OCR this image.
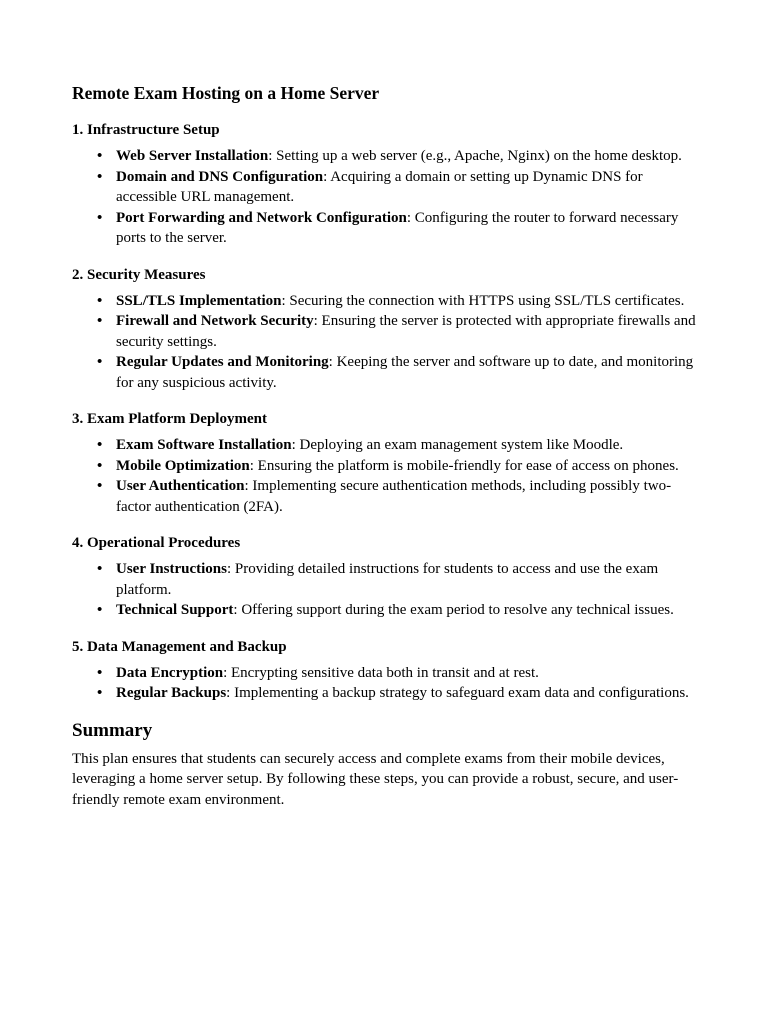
Remote Exam Hosting on a Home Server
1. Infrastructure Setup
• Web Server Installation: Setting up a web server (e.g., Apache, Nginx) on the home desktop.
• Domain and DNS Configuration: Acquiring a domain or setting up Dynamic DNS for accessible URL management.
• Port Forwarding and Network Configuration: Configuring the router to forward necessary ports to the server.
2. Security Measures
• SSL/TLS Implementation: Securing the connection with HTTPS using SSL/TLS certificates.
• Firewall and Network Security: Ensuring the server is protected with appropriate firewalls and security settings.
• Regular Updates and Monitoring: Keeping the server and software up to date, and monitoring for any suspicious activity.
3. Exam Platform Deployment
• Exam Software Installation: Deploying an exam management system like Moodle.
• Mobile Optimization: Ensuring the platform is mobile-friendly for ease of access on phones.
• User Authentication: Implementing secure authentication methods, including possibly two-factor authentication (2FA).
4. Operational Procedures
• User Instructions: Providing detailed instructions for students to access and use the exam platform.
• Technical Support: Offering support during the exam period to resolve any technical issues.
5. Data Management and Backup
• Data Encryption: Encrypting sensitive data both in transit and at rest.
• Regular Backups: Implementing a backup strategy to safeguard exam data and configurations.
Summary

This plan ensures that students can securely access and complete exams from their mobile devices, leveraging a home server setup. By following these steps, you can provide a robust, secure, and user-friendly remote exam environment.
